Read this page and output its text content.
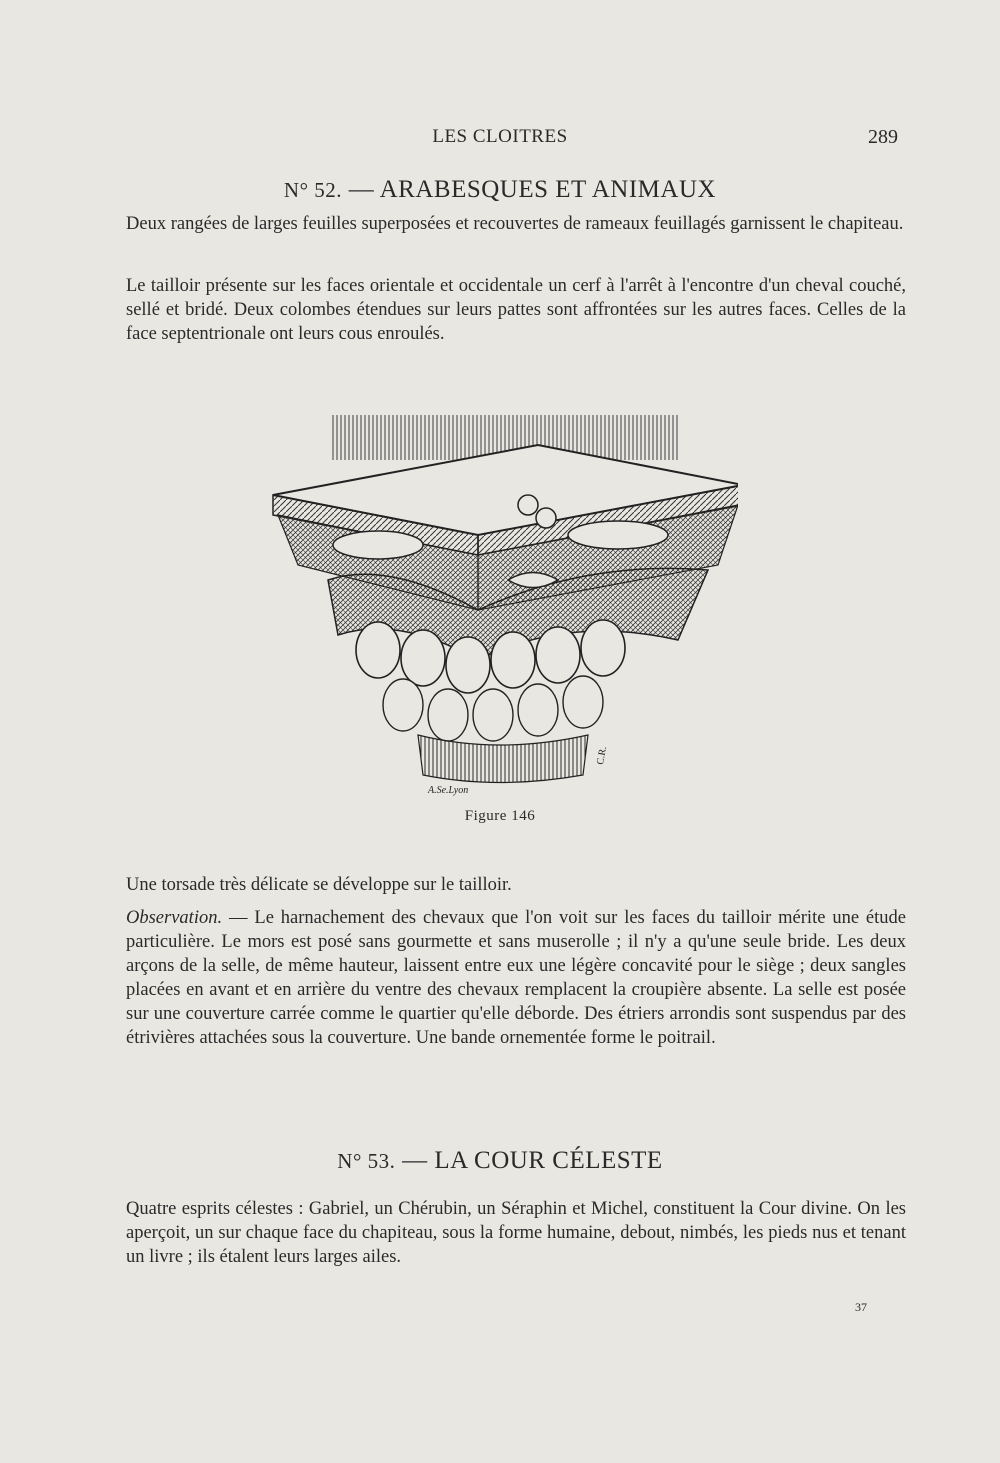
LES CLOITRES	289
N° 52. — ARABESQUES ET ANIMAUX

Deux rangées de larges feuilles superposées et recouvertes de rameaux feuillagés garnissent le chapiteau.

Le tailloir présente sur les faces orientale et occidentale un cerf à l'arrêt à l'encontre d'un cheval couché, sellé et bridé. Deux colombes étendues sur leurs pattes sont affrontées sur les autres faces. Celles de la face septentrionale ont leurs cous enroulés.

A.Se.Lyon
C.R.
Figure 146

Une torsade très délicate se développe sur le tailloir.

Observation. — Le harnachement des chevaux que l'on voit sur les faces du tailloir mérite une étude particulière. Le mors est posé sans gourmette et sans muserolle ; il n'y a qu'une seule bride. Les deux arçons de la selle, de même hauteur, laissent entre eux une légère concavité pour le siège ; deux sangles placées en avant et en arrière du ventre des chevaux remplacent la croupière absente. La selle est posée sur une couverture carrée comme le quartier qu'elle déborde. Des étriers arrondis sont suspendus par des étrivières attachées sous la couverture. Une bande ornementée forme le poitrail.

N° 53. — LA COUR CÉLESTE

Quatre esprits célestes : Gabriel, un Chérubin, un Séraphin et Michel, constituent la Cour divine. On les aperçoit, un sur chaque face du chapiteau, sous la forme humaine, debout, nimbés, les pieds nus et tenant un livre ; ils étalent leurs larges ailes.

37
